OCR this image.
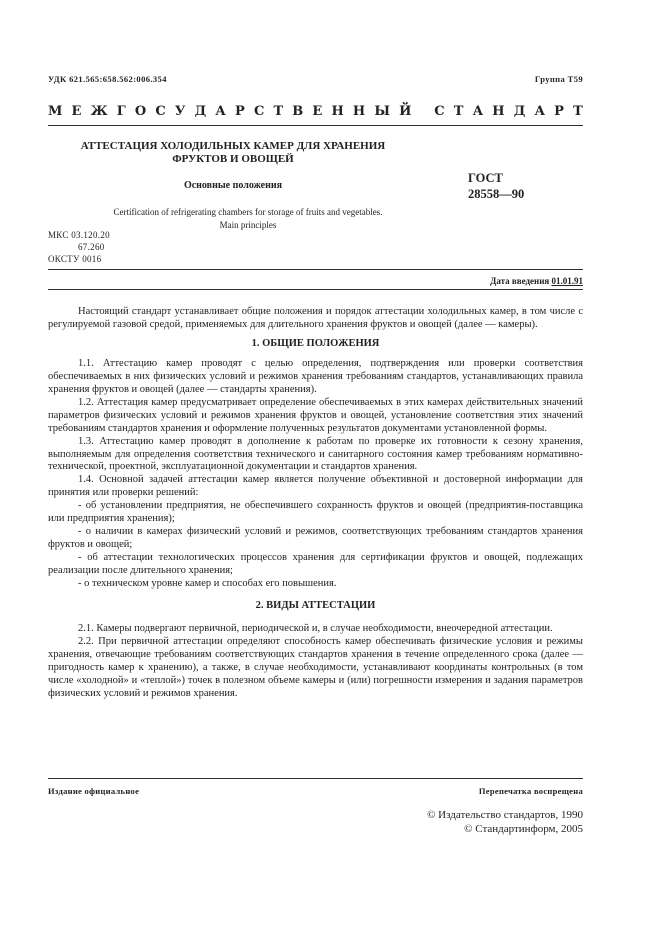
УДК 621.565:658.562:006.354	Группа Т59
М Е Ж Г О С У Д А Р С Т В Е Н Н Ы Й
С Т А Н Д А Р Т
АТТЕСТАЦИЯ ХОЛОДИЛЬНЫХ КАМЕР ДЛЯ ХРАНЕНИЯ
ФРУКТОВ И ОВОЩЕЙ
Основные положения
ГОСТ
28558—90
Certification of refrigerating chambers for storage of fruits and vegetables.
Main principles
МКС 03.120.20
67.260
ОКСТУ 0016
Дата введения 01.01.91

Настоящий стандарт устанавливает общие положения и порядок аттестации холодильных камер, в том числе с регулируемой газовой средой, применяемых для длительного хранения фруктов и овощей (далее — камеры).

1. ОБЩИЕ ПОЛОЖЕНИЯ

1.1. Аттестацию камер проводят с целью определения, подтверждения или проверки соответствия обеспечиваемых в них физических условий и режимов хранения требованиям стандартов, устанавливающих правила хранения фруктов и овощей (далее — стандарты хранения).

1.2. Аттестация камер предусматривает определение обеспечиваемых в этих камерах действительных значений параметров физических условий и режимов хранения фруктов и овощей, установление соответствия этих значений требованиям стандартов хранения и оформление полученных результатов документами установленной формы.

1.3. Аттестацию камер проводят в дополнение к работам по проверке их готовности к сезону хранения, выполняемым для определения соответствия технического и санитарного состояния камер требованиям нормативно-технической, проектной, эксплуатационной документации и стандартов хранения.

1.4. Основной задачей аттестации камер является получение объективной и достоверной информации для принятия или проверки решений:

- об установлении предприятия, не обеспечившего сохранность фруктов и овощей (предприятия-поставщика или предприятия хранения);

- о наличии в камерах физический условий и режимов, соответствующих требованиям стандартов хранения фруктов и овощей;

- об аттестации технологических процессов хранения для сертификации фруктов и овощей, подлежащих реализации после длительного хранения;

- о техническом уровне камер и способах его повышения.

2. ВИДЫ АТТЕСТАЦИИ

2.1. Камеры подвергают первичной, периодической и, в случае необходимости, внеочередной аттестации.

2.2. При первичной аттестации определяют способность камер обеспечивать физические условия и режимы хранения, отвечающие требованиям соответствующих стандартов хранения в течение определенного срока (далее — пригодность камер к хранению), а также, в случае необходимости, устанавливают координаты контрольных (в том числе «холодной» и «теплой») точек в полезном объеме камеры и (или) погрешности измерения и задания параметров физических условий и режимов хранения.

Издание официальное	Перепечатка воспрещена
© Издательство стандартов, 1990
© Стандартинформ, 2005
